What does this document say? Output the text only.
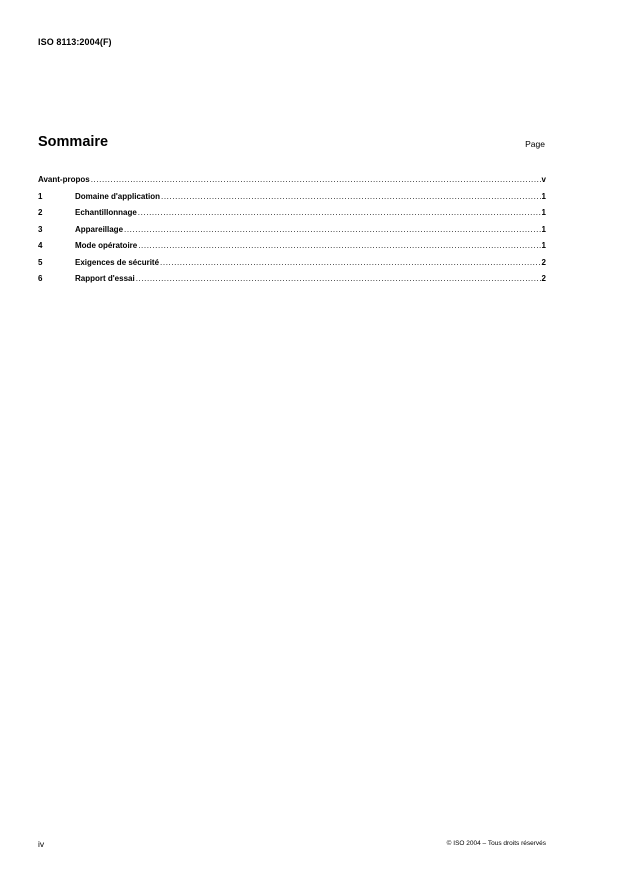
ISO 8113:2004(F)
Sommaire	Page
Avant-propos .....	v
1	Domaine d'application .....	1
2	Echantillonnage .....	1
3	Appareillage .....	1
4	Mode opératoire .....	1
5	Exigences de sécurité .....	2
6	Rapport d'essai .....	2
iv	© ISO 2004 – Tous droits réservés
